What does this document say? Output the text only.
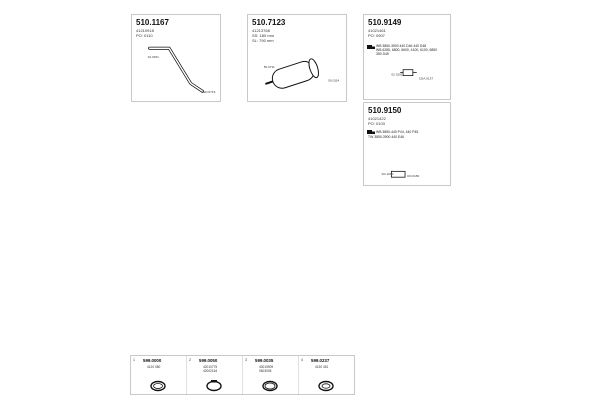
10.0151
SID.0715
510.1167
41210918
PO: 0110
50.0711
50.0114
510.7123
41213768
SS: 180 mm
SL: 790 mm
02 0151
CDA.0137
510.9149
41021461
PO: 0907
WB 3850-3900 440 D46 440 D48
WB 6285, 6800, 6600, 4100, 6100, 6850
350 D45
D4 1000	CD.0150
510.9150
41021422
PO: 0103
WB 3850-440 P44, 440 P45
TW 3850-3900 440 E46
1 599.0000
4120 080
2 599.0050
42010775
42002164
3 599.0035
43015909
0603005
4 599.0237
4130 451
